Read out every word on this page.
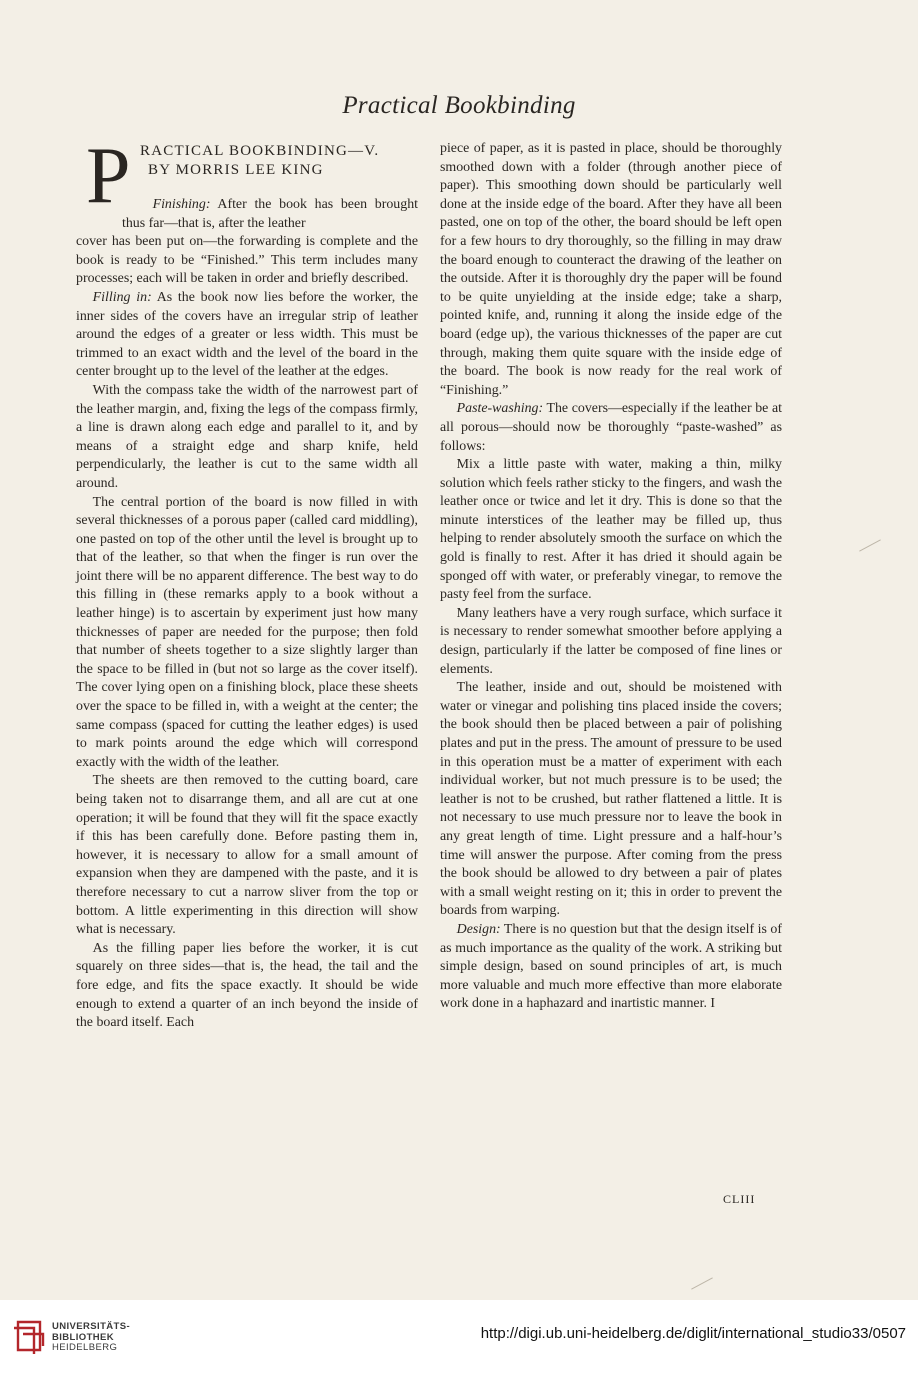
Practical Bookbinding
P RACTICAL BOOKBINDING—V.
BY MORRIS LEE KING

Finishing: After the book has been brought thus far—that is, after the leather

cover has been put on—the forwarding is complete and the book is ready to be “Finished.” This term includes many processes; each will be taken in order and briefly described.

Filling in: As the book now lies before the worker, the inner sides of the covers have an irregular strip of leather around the edges of a greater or less width. This must be trimmed to an exact width and the level of the board in the center brought up to the level of the leather at the edges.

With the compass take the width of the narrowest part of the leather margin, and, fixing the legs of the compass firmly, a line is drawn along each edge and parallel to it, and by means of a straight edge and sharp knife, held perpendicularly, the leather is cut to the same width all around.

The central portion of the board is now filled in with several thicknesses of a porous paper (called card middling), one pasted on top of the other until the level is brought up to that of the leather, so that when the finger is run over the joint there will be no apparent difference. The best way to do this filling in (these remarks apply to a book without a leather hinge) is to ascertain by experiment just how many thicknesses of paper are needed for the purpose; then fold that number of sheets together to a size slightly larger than the space to be filled in (but not so large as the cover itself). The cover lying open on a finishing block, place these sheets over the space to be filled in, with a weight at the center; the same compass (spaced for cutting the leather edges) is used to mark points around the edge which will correspond exactly with the width of the leather.

The sheets are then removed to the cutting board, care being taken not to disarrange them, and all are cut at one operation; it will be found that they will fit the space exactly if this has been carefully done. Before pasting them in, however, it is necessary to allow for a small amount of expansion when they are dampened with the paste, and it is therefore necessary to cut a narrow sliver from the top or bottom. A little experimenting in this direction will show what is necessary.

As the filling paper lies before the worker, it is cut squarely on three sides—that is, the head, the tail and the fore edge, and fits the space exactly. It should be wide enough to extend a quarter of an inch beyond the inside of the board itself. Each

piece of paper, as it is pasted in place, should be thoroughly smoothed down with a folder (through another piece of paper). This smoothing down should be particularly well done at the inside edge of the board. After they have all been pasted, one on top of the other, the board should be left open for a few hours to dry thoroughly, so the filling in may draw the board enough to counteract the drawing of the leather on the outside. After it is thoroughly dry the paper will be found to be quite unyielding at the inside edge; take a sharp, pointed knife, and, running it along the inside edge of the board (edge up), the various thicknesses of the paper are cut through, making them quite square with the inside edge of the board. The book is now ready for the real work of “Finishing.”

Paste-washing: The covers—especially if the leather be at all porous—should now be thoroughly “paste-washed” as follows:

Mix a little paste with water, making a thin, milky solution which feels rather sticky to the fingers, and wash the leather once or twice and let it dry. This is done so that the minute interstices of the leather may be filled up, thus helping to render absolutely smooth the surface on which the gold is finally to rest. After it has dried it should again be sponged off with water, or preferably vinegar, to remove the pasty feel from the surface.

Many leathers have a very rough surface, which surface it is necessary to render somewhat smoother before applying a design, particularly if the latter be composed of fine lines or elements.

The leather, inside and out, should be moistened with water or vinegar and polishing tins placed inside the covers; the book should then be placed between a pair of polishing plates and put in the press. The amount of pressure to be used in this operation must be a matter of experiment with each individual worker, but not much pressure is to be used; the leather is not to be crushed, but rather flattened a little. It is not necessary to use much pressure nor to leave the book in any great length of time. Light pressure and a half-hour’s time will answer the purpose. After coming from the press the book should be allowed to dry between a pair of plates with a small weight resting on it; this in order to prevent the boards from warping.

Design: There is no question but that the design itself is of as much importance as the quality of the work. A striking but simple design, based on sound principles of art, is much more valuable and much more effective than more elaborate work done in a haphazard and inartistic manner. I

CLIII
UNIVERSITÄTS-
BIBLIOTHEK
HEIDELBERG
http://digi.ub.uni-heidelberg.de/diglit/international_studio33/0507
